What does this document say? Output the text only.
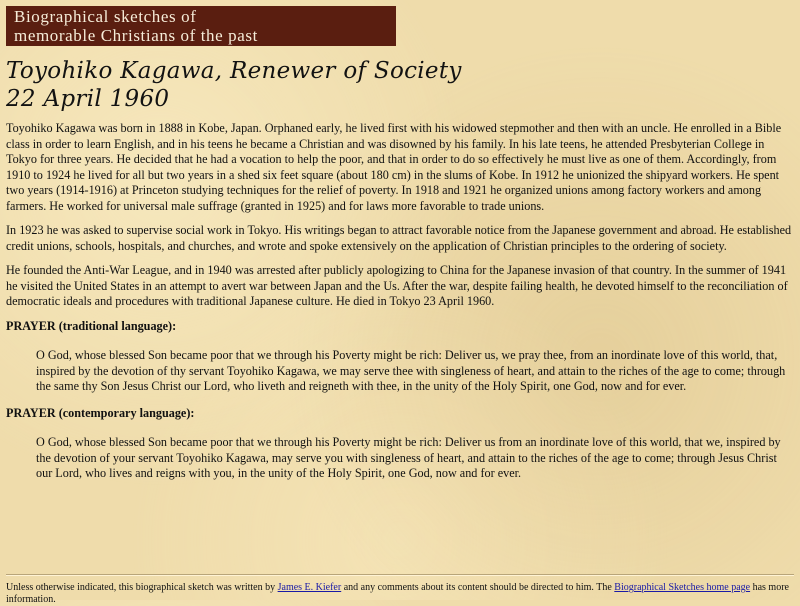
Biographical sketches of
memorable Christians of the past
Toyohiko Kagawa, Renewer of Society
22 April 1960

Toyohiko Kagawa was born in 1888 in Kobe, Japan. Orphaned early, he lived first with his widowed stepmother and then with an uncle. He enrolled in a Bible class in order to learn English, and in his teens he became a Christian and was disowned by his family. In his late teens, he attended Presbyterian College in Tokyo for three years. He decided that he had a vocation to help the poor, and that in order to do so effectively he must live as one of them. Accordingly, from 1910 to 1924 he lived for all but two years in a shed six feet square (about 180 cm) in the slums of Kobe. In 1912 he unionized the shipyard workers. He spent two years (1914-1916) at Princeton studying techniques for the relief of poverty. In 1918 and 1921 he organized unions among factory workers and among farmers. He worked for universal male suffrage (granted in 1925) and for laws more favorable to trade unions.

In 1923 he was asked to supervise social work in Tokyo. His writings began to attract favorable notice from the Japanese government and abroad. He established credit unions, schools, hospitals, and churches, and wrote and spoke extensively on the application of Christian principles to the ordering of society.

He founded the Anti-War League, and in 1940 was arrested after publicly apologizing to China for the Japanese invasion of that country. In the summer of 1941 he visited the United States in an attempt to avert war between Japan and the Us. After the war, despite failing health, he devoted himself to the reconciliation of democratic ideals and procedures with traditional Japanese culture. He died in Tokyo 23 April 1960.

PRAYER (traditional language):
O God, whose blessed Son became poor that we through his Poverty might be rich: Deliver us, we pray thee, from an inordinate love of this world, that, inspired by the devotion of thy servant Toyohiko Kagawa, we may serve thee with singleness of heart, and attain to the riches of the age to come; through the same thy Son Jesus Christ our Lord, who liveth and reigneth with thee, in the unity of the Holy Spirit, one God, now and for ever.
PRAYER (contemporary language):
O God, whose blessed Son became poor that we through his Poverty might be rich: Deliver us from an inordinate love of this world, that we, inspired by the devotion of your servant Toyohiko Kagawa, may serve you with singleness of heart, and attain to the riches of the age to come; through Jesus Christ our Lord, who lives and reigns with you, in the unity of the Holy Spirit, one God, now and for ever.
Unless otherwise indicated, this biographical sketch was written by James E. Kiefer and any comments about its content should be directed to him. The Biographical Sketches home page has more information.
